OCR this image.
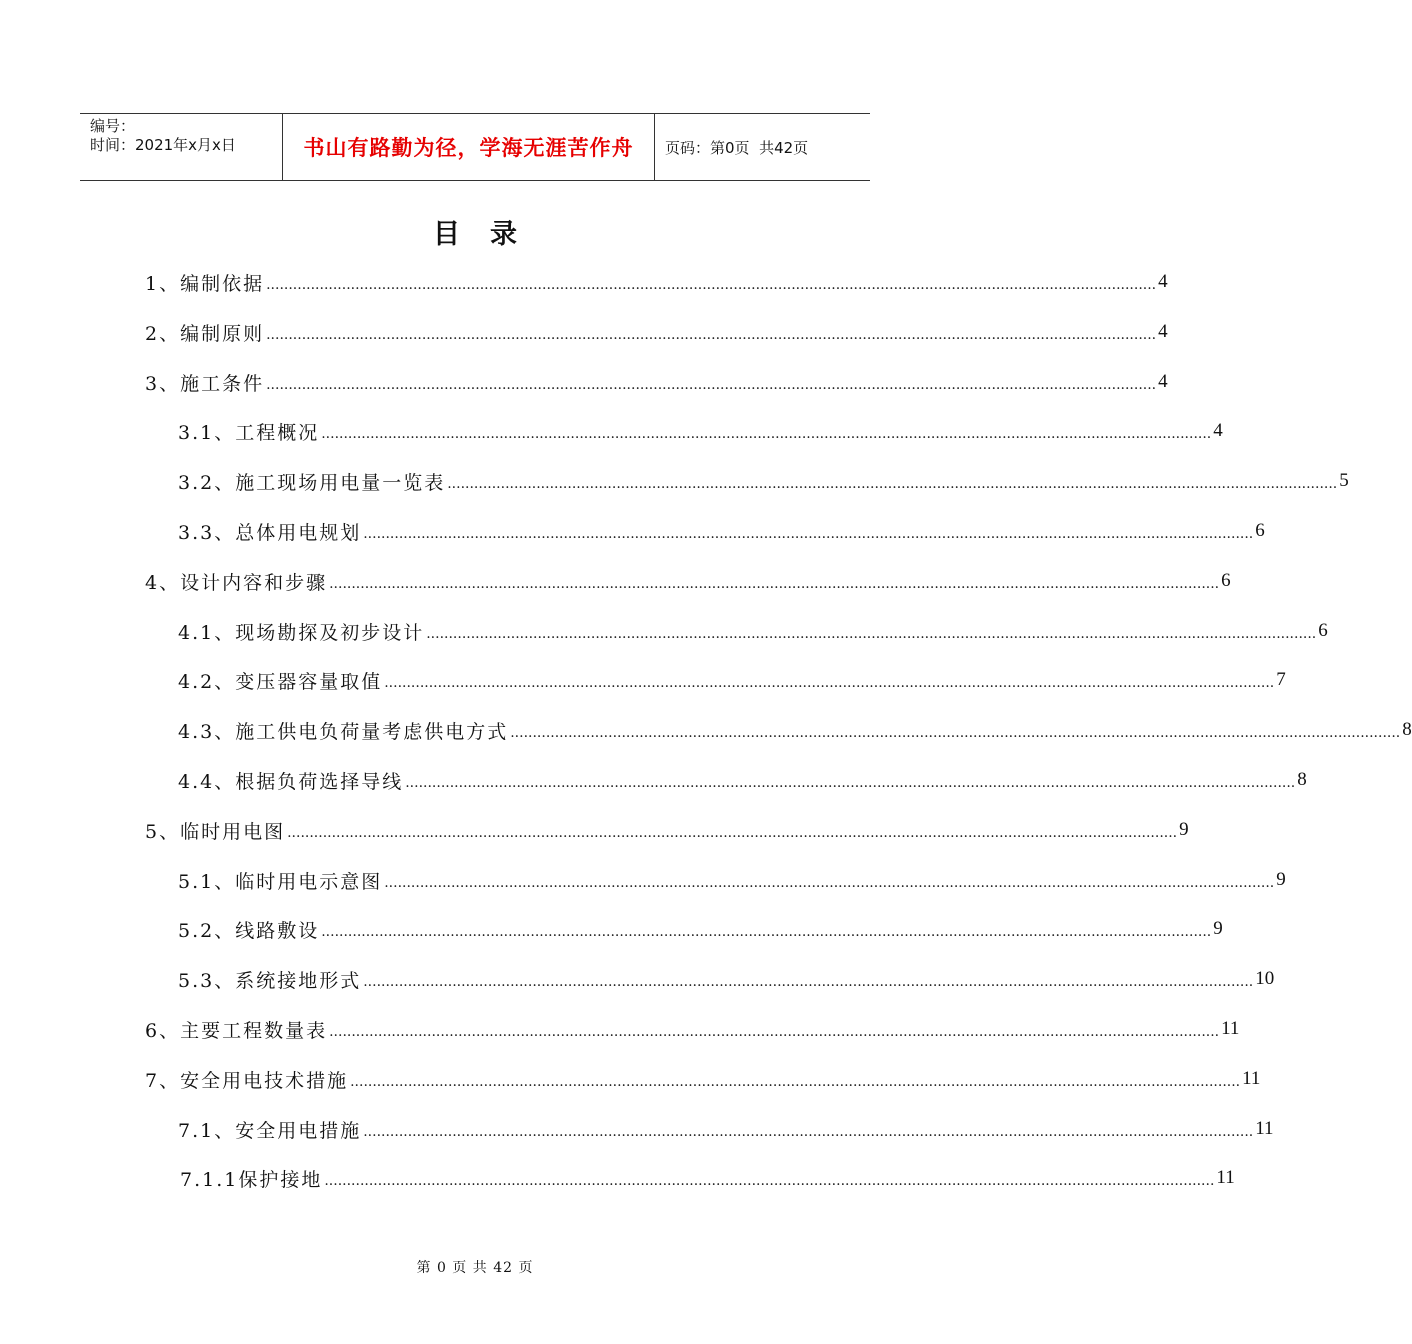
编号：
时间：2021年x月x日	书山有路勤为径，学海无涯苦作舟	页码：第0页  共42页
目录
1、编制依据 ........................................................................................................................................................................................................ 4
2、编制原则 ........................................................................................................................................................................................................ 4
3、施工条件 ........................................................................................................................................................................................................ 4
3.1、工程概况 ........................................................................................................................................................................................................ 4
3.2、施工现场用电量一览表 ........................................................................................................................................................................................................ 5
3.3、总体用电规划 ........................................................................................................................................................................................................ 6
4、设计内容和步骤 ........................................................................................................................................................................................................ 6
4.1、现场勘探及初步设计 ........................................................................................................................................................................................................ 6
4.2、变压器容量取值 ........................................................................................................................................................................................................ 7
4.3、施工供电负荷量考虑供电方式 ........................................................................................................................................................................................................ 8
4.4、根据负荷选择导线 ........................................................................................................................................................................................................ 8
5、临时用电图 ........................................................................................................................................................................................................ 9
5.1、临时用电示意图 ........................................................................................................................................................................................................ 9
5.2、线路敷设 ........................................................................................................................................................................................................ 9
5.3、系统接地形式 ........................................................................................................................................................................................................ 10
6、主要工程数量表 ........................................................................................................................................................................................................ 11
7、安全用电技术措施 ........................................................................................................................................................................................................ 11
7.1、安全用电措施 ........................................................................................................................................................................................................ 11
7.1.1保护接地 ........................................................................................................................................................................................................ 11
第 0 页 共 42 页
